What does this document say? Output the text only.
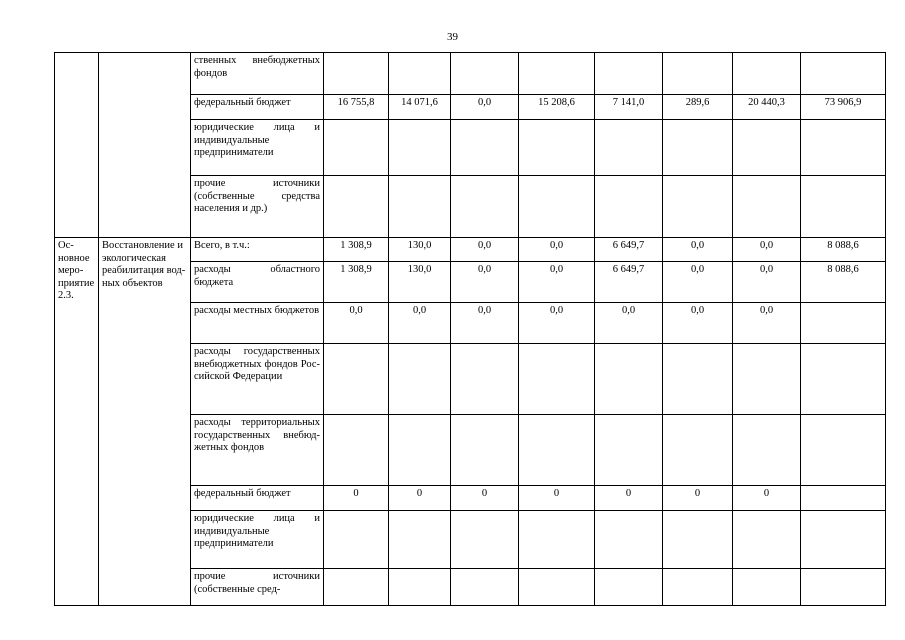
39
		ственных внебюджетных фондов								
		федеральный бюджет	16 755,8	14 071,6	0,0	15 208,6	7 141,0	289,6	20 440,3	73 906,9
		юридические лица и индивидуальные предприниматели								
		прочие источники (собственные средства населения и др.)								
Основное мероприятие 2.3.	Восстановление и экологическая реабилитация водных объектов	Всего, в т.ч.:	1 308,9	130,0	0,0	0,0	6 649,7	0,0	0,0	8 088,6
		расходы областного бюджета	1 308,9	130,0	0,0	0,0	6 649,7	0,0	0,0	8 088,6
		расходы местных бюджетов	0,0	0,0	0,0	0,0	0,0	0,0	0,0	
		расходы государственных внебюджетных фондов Российской Федерации								
		расходы территориальных государственных внебюджетных фондов								
		федеральный бюджет	0	0	0	0	0	0	0	
		юридические лица и индивидуальные предприниматели								
		прочие источники (собственные сред-								
